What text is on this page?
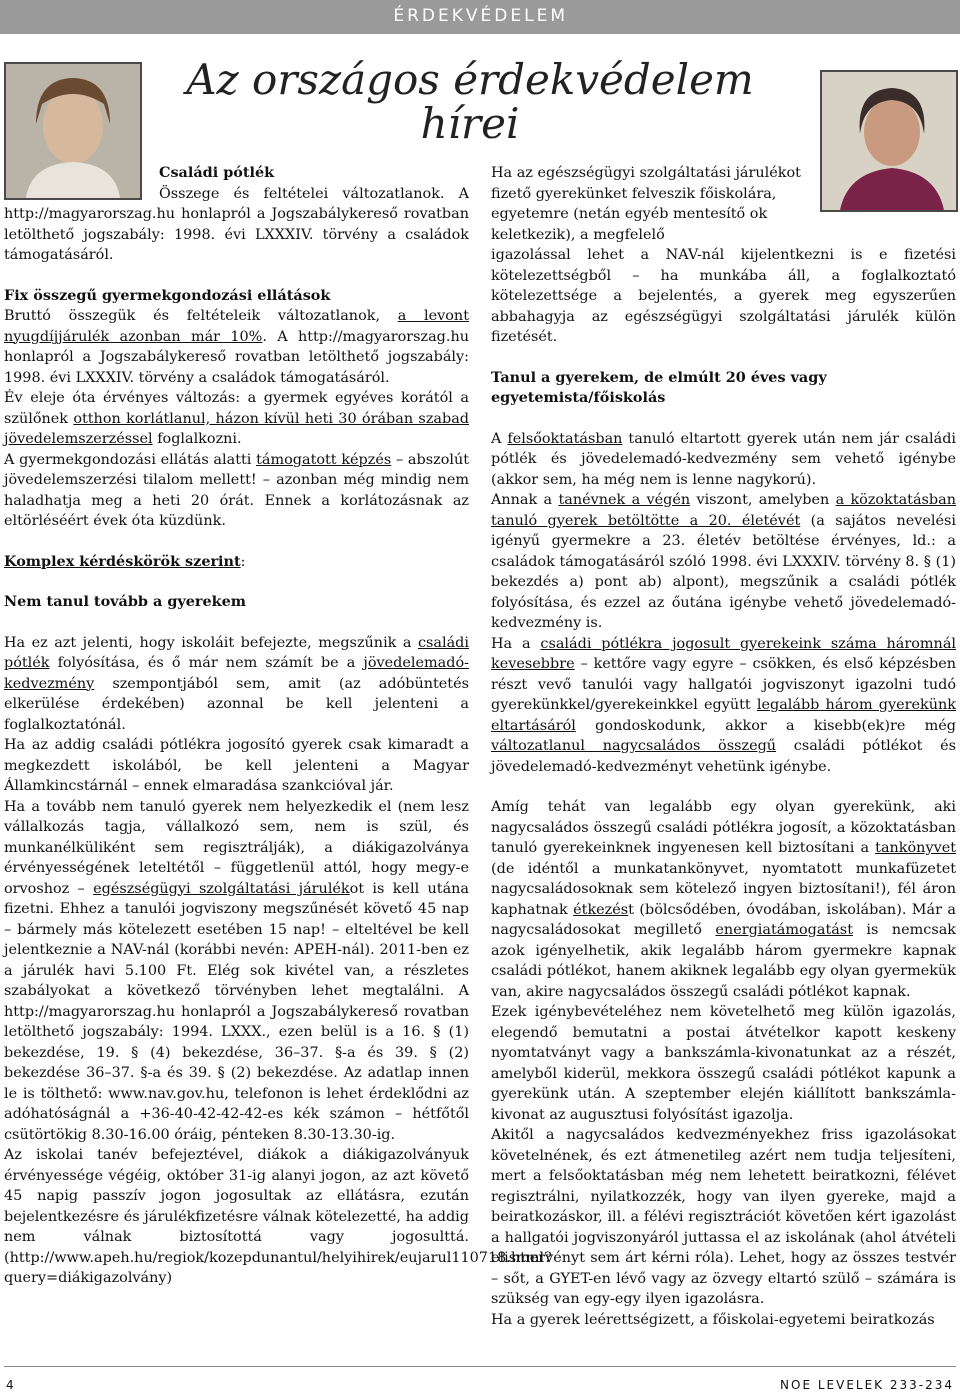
ÉRDEKVÉDELEM
Az országos érdekvédelem
hírei

Családi pótlék

Összege és feltételei változatlanok. A http://magyarorszag.hu honlapról a Jogszabálykereső rovatban letölthető jogszabály: 1998. évi LXXXIV. törvény a családok támogatásáról.

Fix összegű gyermekgondozási ellátások

Bruttó összegük és feltételeik változatlanok, a levont nyugdíjjárulék azonban már 10%. A http://magyarorszag.hu honlapról a Jogszabálykereső rovatban letölthető jogszabály: 1998. évi LXXXIV. törvény a családok támogatásáról.

Év eleje óta érvényes változás: a gyermek egyéves korától a szülőnek otthon korlátlanul, házon kívül heti 30 órában szabad jövedelemszerzéssel foglalkozni.

A gyermekgondozási ellátás alatti támogatott képzés – abszolút jövedelemszerzési tilalom mellett! – azonban még mindig nem haladhatja meg a heti 20 órát. Ennek a korlátozásnak az eltörléséért évek óta küzdünk.

Komplex kérdéskörök szerint:

Nem tanul tovább a gyerekem

Ha ez azt jelenti, hogy iskoláit befejezte, megszűnik a családi pótlék folyósítása, és ő már nem számít be a jövedelemadó-kedvezmény szempontjából sem, amit (az adóbüntetés elkerülése érdekében) azonnal be kell jelenteni a foglalkoztatónál.

Ha az addig családi pótlékra jogosító gyerek csak kimaradt a megkezdett iskolából, be kell jelenteni a Magyar Államkincstárnál – ennek elmaradása szankcióval jár.

Ha a tovább nem tanuló gyerek nem helyezkedik el (nem lesz vállalkozás tagja, vállalkozó sem, nem is szül, és munkanélküliként sem regisztrálják), a diákigazolványa érvényességének leteltétől – függetlenül attól, hogy megy-e orvoshoz – egészségügyi szolgáltatási járulékot is kell utána fizetni. Ehhez a tanulói jogviszony megszűnését követő 45 nap – bármely más kötelezett esetében 15 nap! – elteltével be kell jelentkeznie a NAV-nál (korábbi nevén: APEH-nál). 2011-ben ez a járulék havi 5.100 Ft. Elég sok kivétel van, a részletes szabályokat a következő törvényben lehet megtalálni. A http://magyarorszag.hu honlapról a Jogszabálykereső rovatban letölthető jogszabály: 1994. LXXX., ezen belül is a 16. § (1) bekezdése, 19. § (4) bekezdése, 36–37. §-a és 39. § (2) bekezdése 36–37. §-a és 39. § (2) bekezdése. Az adatlap innen le is tölthető: www.nav.gov.hu, telefonon is lehet érdeklődni az adóhatóságnál a +36-40-42-42-42-es kék számon – hétfőtől csütörtökig 8.30-16.00 óráig, pénteken 8.30-13.30-ig.

Az iskolai tanév befejeztével, diákok a diákigazolványuk érvényessége végéig, október 31-ig alanyi jogon, az azt követő 45 napig passzív jogon jogosultak az ellátásra, ezután bejelentkezésre és járulékfizetésre válnak kötelezetté, ha addig nem válnak biztosítottá vagy jogosulttá. (http://www.apeh.hu/regiok/kozepdunantul/helyihirek/eujarul110718.html?query=diákigazolvány)

Ha az egészségügyi szolgáltatási járulékot fizető gyerekünket felveszik főiskolára, egyetemre (netán egyéb mentesítő ok keletkezik), a megfelelő

igazolással lehet a NAV-nál kijelentkezni is e fizetési kötelezettségből – ha munkába áll, a foglalkoztató kötelezettsége a bejelentés, a gyerek meg egyszerűen abbahagyja az egészségügyi szolgáltatási járulék külön fizetését.

Tanul a gyerekem, de elmúlt 20 éves vagy egyetemista/főiskolás

A felsőoktatásban tanuló eltartott gyerek után nem jár családi pótlék és jövedelemadó-kedvezmény sem vehető igénybe (akkor sem, ha még nem is lenne nagykorú).

Annak a tanévnek a végén viszont, amelyben a közoktatásban tanuló gyerek betöltötte a 20. életévét (a sajátos nevelési igényű gyermekre a 23. életév betöltése érvényes, ld.: a családok támogatásáról szóló 1998. évi LXXXIV. törvény 8. § (1) bekezdés a) pont ab) alpont), megszűnik a családi pótlék folyósítása, és ezzel az őutána igénybe vehető jövedelemadó-kedvezmény is.

Ha a családi pótlékra jogosult gyerekeink száma háromnál kevesebbre – kettőre vagy egyre – csökken, és első képzésben részt vevő tanulói vagy hallgatói jogviszonyt igazolni tudó gyerekünkkel/gyerekeinkkel együtt legalább három gyerekünk eltartásáról gondoskodunk, akkor a kisebb(ek)re még változatlanul nagycsaládos összegű családi pótlékot és jövedelemadó-kedvezményt vehetünk igénybe.

Amíg tehát van legalább egy olyan gyerekünk, aki nagycsaládos összegű családi pótlékra jogosít, a közoktatásban tanuló gyerekeinknek ingyenesen kell biztosítani a tankönyvet (de idéntől a munkatankönyvet, nyomtatott munkafüzetet nagycsaládosoknak sem kötelező ingyen biztosítani!), fél áron kaphatnak étkezést (bölcsődében, óvodában, iskolában). Már a nagycsaládosokat megillető energiatámogatást is nemcsak azok igényelhetik, akik legalább három gyermekre kapnak családi pótlékot, hanem akiknek legalább egy olyan gyermekük van, akire nagycsaládos összegű családi pótlékot kapnak.

Ezek igénybevételéhez nem követelhető meg külön igazolás, elegendő bemutatni a postai átvételkor kapott keskeny nyomtatványt vagy a bankszámla-kivonatunkat az a részét, amelyből kiderül, mekkora összegű családi pótlékot kapunk a gyerekünk után. A szeptember elején kiállított bankszámla-kivonat az augusztusi folyósítást igazolja.

Akitől a nagycsaládos kedvezményekhez friss igazolásokat követelnének, és ezt átmenetileg azért nem tudja teljesíteni, mert a felsőoktatásban még nem lehetett beiratkozni, félévet regisztrálni, nyilatkozzék, hogy van ilyen gyereke, majd a beiratkozáskor, ill. a félévi regisztrációt követően kért igazolást a hallgatói jogviszonyáról juttassa el az iskolának (ahol átvételi elismervényt sem árt kérni róla). Lehet, hogy az összes testvér – sőt, a GYET-en lévő vagy az özvegy eltartó szülő – számára is szükség van egy-egy ilyen igazolásra.

Ha a gyerek leérettségizett, a főiskolai-egyetemi beiratkozás

4	NOE LEVELEK 233-234
